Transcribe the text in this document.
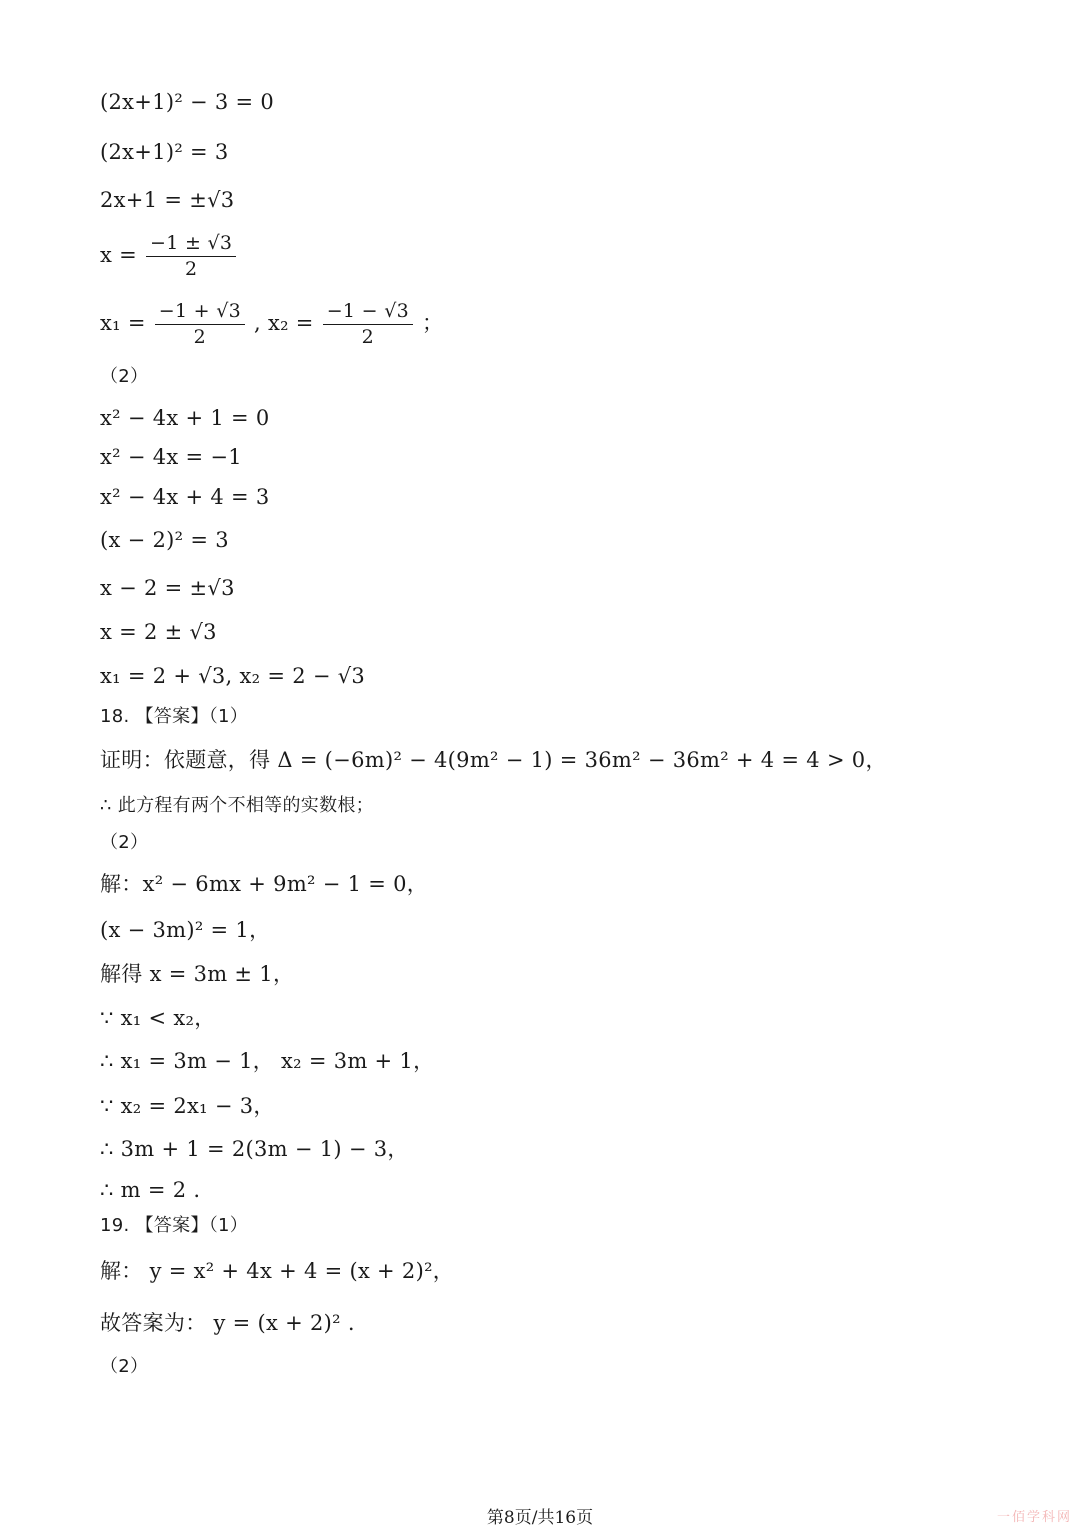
(2x+1)² − 3 = 0
(2x+1)² = 3
2x+1 = ±√3
$x = \frac{-1 \pm √3}{2}$
$x_1 = \frac{-1 + √3}{2}$ , $x_2 = \frac{-1 - √3}{2}$ ；
（2）
x² − 4x + 1 = 0
x² − 4x = −1
x² − 4x + 4 = 3
(x − 2)² = 3
x − 2 = ±√3
x = 2 ± √3
x₁ = 2 + √3, x₂ = 2 − √3
18. 【答案】（1）
证明：依题意，得 Δ = (−6m)² − 4(9m² − 1) = 36m² − 36m² + 4 = 4 > 0，
∴ 此方程有两个不相等的实数根；
（2）
解：x² − 6mx + 9m² − 1 = 0，
(x − 3m)² = 1，
解得 x = 3m ± 1，
∵ x₁ < x₂，
∴ x₁ = 3m − 1， x₂ = 3m + 1，
∵ x₂ = 2x₁ − 3，
∴ 3m + 1 = 2(3m − 1) − 3，
∴ m = 2 .
19. 【答案】（1）
解： y = x² + 4x + 4 = (x + 2)²，
故答案为： y = (x + 2)² .
（2）
第8页/共16页	一佰学科网
